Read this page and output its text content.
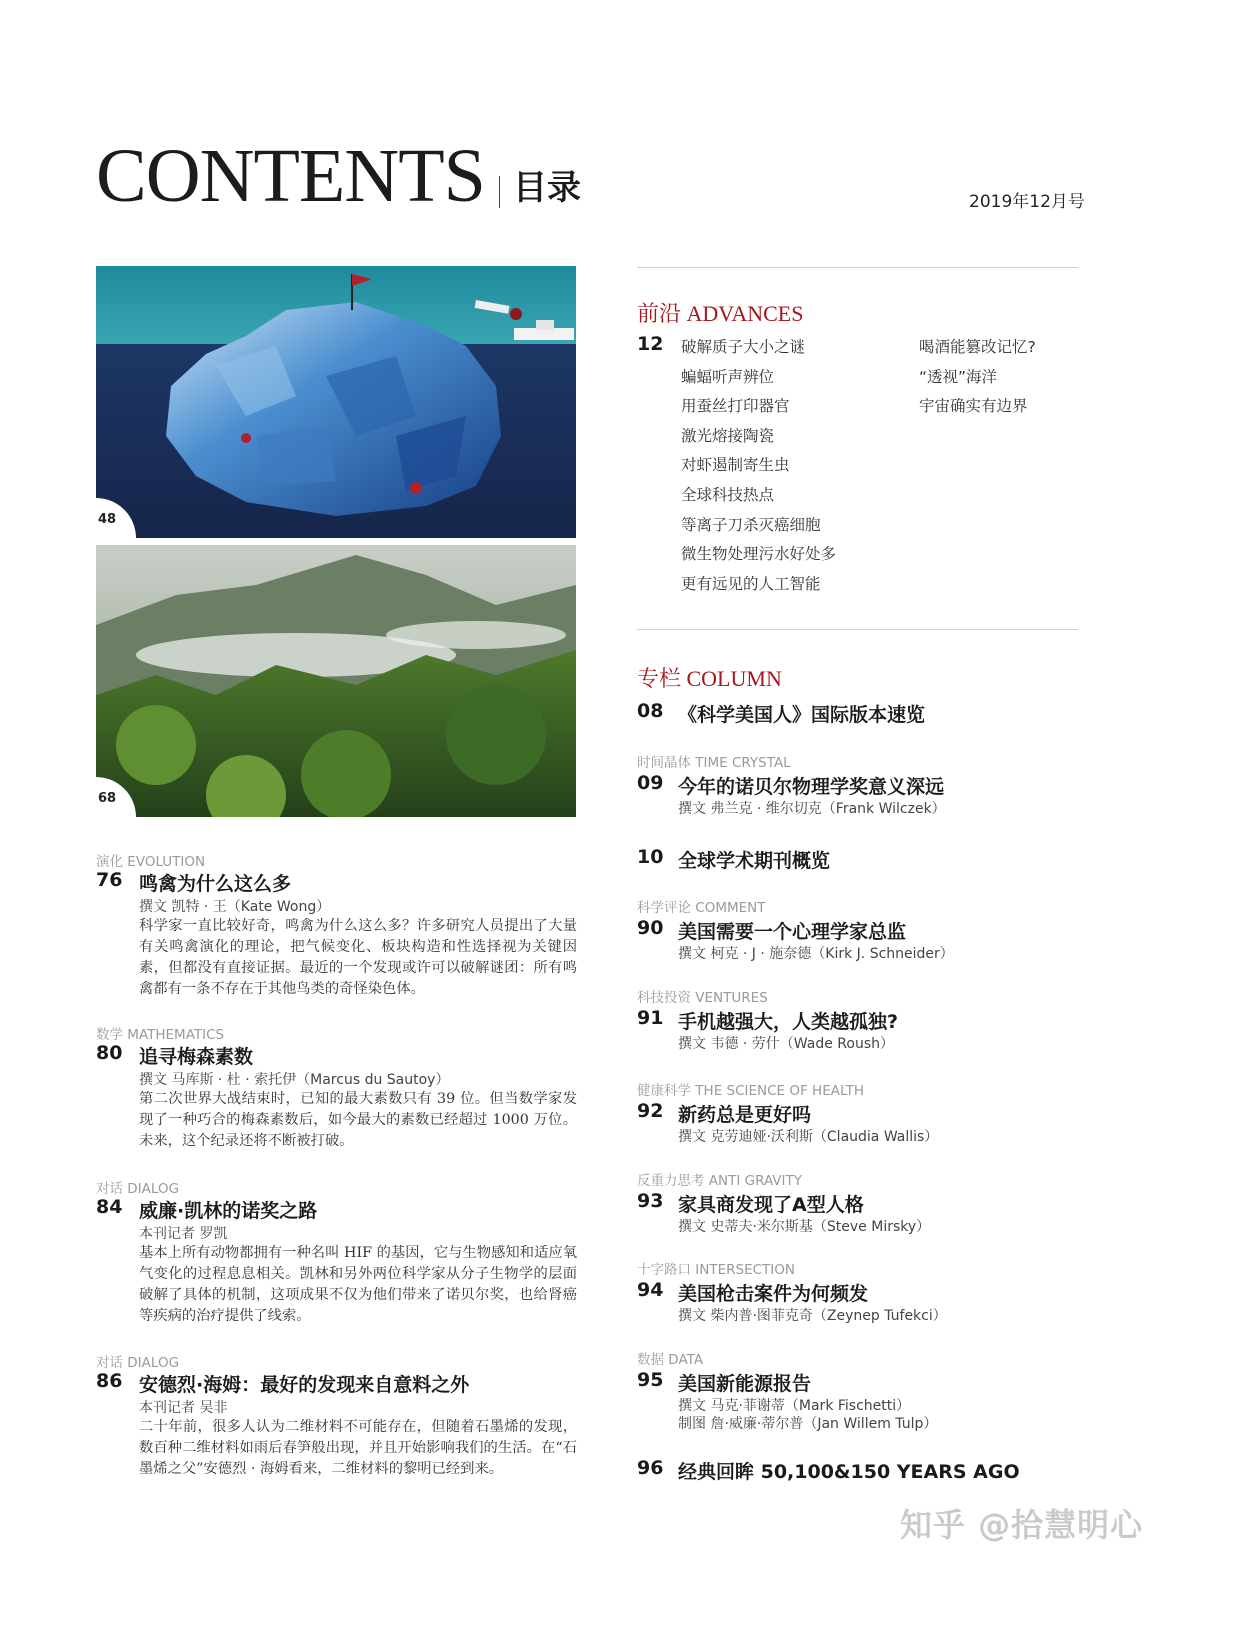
CONTENTS 目录	2019年12月号
48
68
演化 EVOLUTION
76 鸣禽为什么这么多
撰文 凯特 · 王（Kate Wong）
科学家一直比较好奇，鸣禽为什么这么多？许多研究人员提出了大量有关鸣禽演化的理论，把气候变化、板块构造和性选择视为关键因素，但都没有直接证据。最近的一个发现或许可以破解谜团：所有鸣禽都有一条不存在于其他鸟类的奇怪染色体。
数学 MATHEMATICS
80 追寻梅森素数
撰文 马库斯 · 杜 · 索托伊（Marcus du Sautoy）
第二次世界大战结束时，已知的最大素数只有 39 位。但当数学家发现了一种巧合的梅森素数后，如今最大的素数已经超过 1000 万位。未来，这个纪录还将不断被打破。
对话 DIALOG
84 威廉·凯林的诺奖之路
本刊记者 罗凯
基本上所有动物都拥有一种名叫 HIF 的基因，它与生物感知和适应氧气变化的过程息息相关。凯林和另外两位科学家从分子生物学的层面破解了具体的机制，这项成果不仅为他们带来了诺贝尔奖，也给肾癌等疾病的治疗提供了线索。
对话 DIALOG
86 安德烈·海姆：最好的发现来自意料之外
本刊记者 吴非
二十年前，很多人认为二维材料不可能存在，但随着石墨烯的发现，数百种二维材料如雨后春笋般出现，并且开始影响我们的生活。在“石墨烯之父”安德烈 · 海姆看来，二维材料的黎明已经到来。
前沿 ADVANCES
12 破解质子大小之谜
蝙蝠听声辨位
用蚕丝打印器官
激光熔接陶瓷
对虾遏制寄生虫
全球科技热点
等离子刀杀灭癌细胞
微生物处理污水好处多
更有远见的人工智能
喝酒能篡改记忆?
“透视”海洋
宇宙确实有边界
专栏 COLUMN
08 《科学美国人》国际版本速览
时间晶体 TIME CRYSTAL
09 今年的诺贝尔物理学奖意义深远
撰文 弗兰克 · 维尔切克（Frank Wilczek）
10 全球学术期刊概览
科学评论 COMMENT
90 美国需要一个心理学家总监
撰文 柯克 · J · 施奈德（Kirk J. Schneider）
科技投资 VENTURES
91 手机越强大，人类越孤独?
撰文 韦德 · 劳什（Wade Roush）
健康科学 THE SCIENCE OF HEALTH
92 新药总是更好吗
撰文 克劳迪娅·沃利斯（Claudia Wallis）
反重力思考 ANTI GRAVITY
93 家具商发现了A型人格
撰文 史蒂夫·米尔斯基（Steve Mirsky）
十字路口 INTERSECTION
94 美国枪击案件为何频发
撰文 柴内普·图菲克奇（Zeynep Tufekci）
数据 DATA
95 美国新能源报告
撰文 马克·菲谢蒂（Mark Fischetti）
制图 詹·威廉·蒂尔普（Jan Willem Tulp）
96 经典回眸 50,100&150 YEARS AGO
知乎 @拾慧明心
